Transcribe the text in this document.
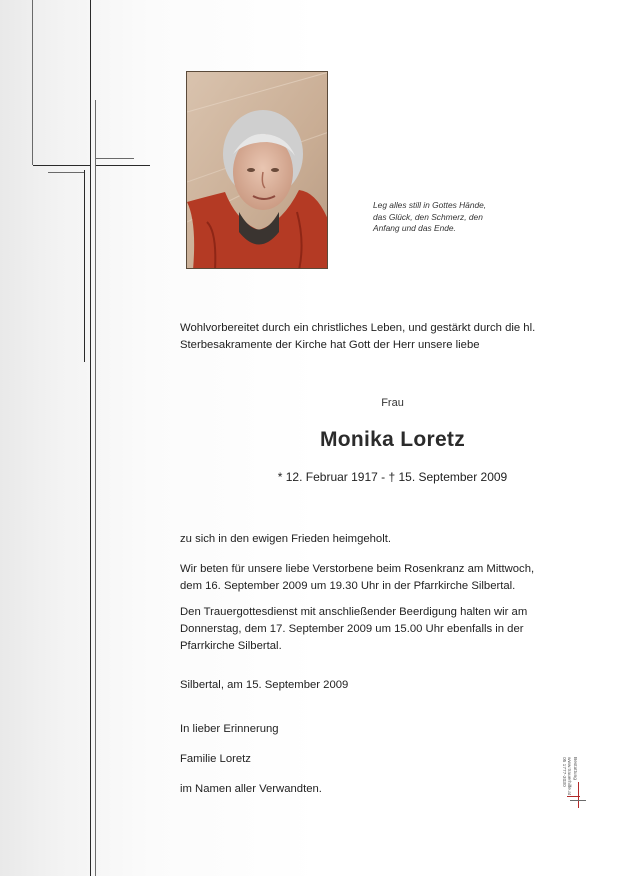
Leg alles still in Gottes Hände,
das Glück, den Schmerz, den
Anfang und das Ende.
Wohlvorbereitet durch ein christliches Leben, und gestärkt durch die hl.
Sterbesakramente der Kirche hat Gott der Herr unsere liebe
Frau
Monika Loretz
* 12. Februar 1917 - † 15. September 2009
zu sich in den ewigen Frieden heimgeholt.
Wir beten für unsere liebe Verstorbene beim Rosenkranz am Mittwoch,
dem 16. September 2009 um 19.30 Uhr in der Pfarrkirche Silbertal.
Den Trauergottesdienst mit anschließender Beerdigung halten wir am
Donnerstag, dem 17. September 2009 um 15.00 Uhr ebenfalls in der
Pfarrkirche Silbertal.
Silbertal, am 15. September 2009
In lieber Erinnerung
Familie Loretz
im Namen aller Verwandten.
Bestattung
www.trauerhilfe.at
05 1777-3030
